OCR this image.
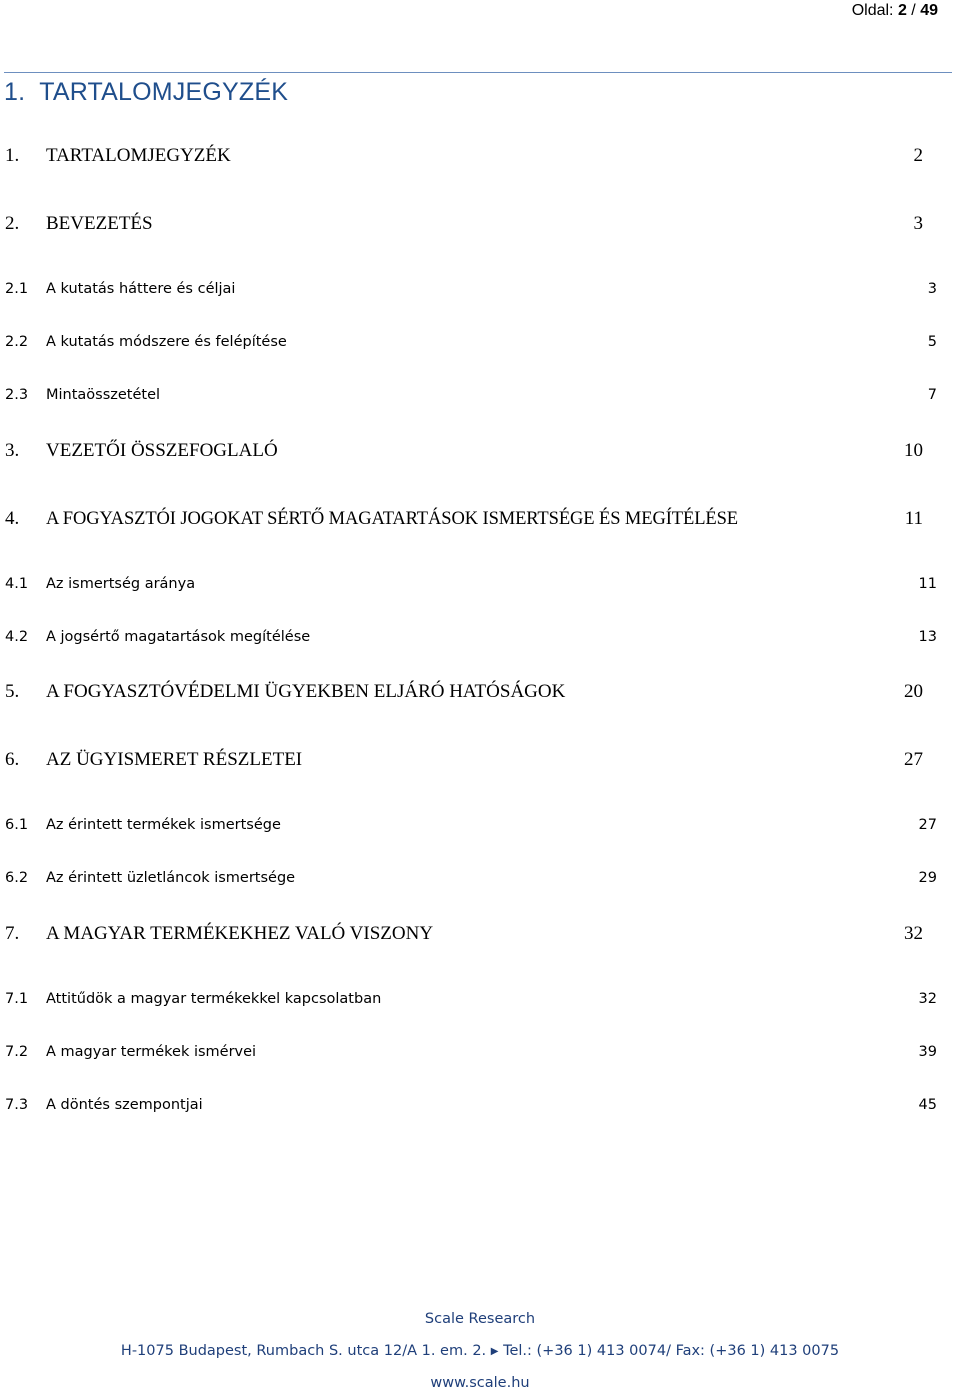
Oldal: 2 / 49
1. TARTALOMJEGYZÉK
1.	TARTALOMJEGYZÉK	2
2.	BEVEZETÉS	3
2.1	A kutatás háttere és céljai	3
2.2	A kutatás módszere és felépítése	5
2.3	Mintaösszetétel	7
3.	VEZETŐI ÖSSZEFOGLALÓ	10
4.	A FOGYASZTÓI JOGOKAT SÉRTŐ MAGATARTÁSOK ISMERTSÉGE ÉS MEGÍTÉLÉSE	11
4.1	Az ismertség aránya	11
4.2	A jogsértő magatartások megítélése	13
5.	A FOGYASZTÓVÉDELMI ÜGYEKBEN ELJÁRÓ HATÓSÁGOK	20
6.	AZ ÜGYISMERET RÉSZLETEI	27
6.1	Az érintett termékek ismertsége	27
6.2	Az érintett üzletláncok ismertsége	29
7.	A MAGYAR TERMÉKEKHEZ VALÓ VISZONY	32
7.1	Attitűdök a magyar termékekkel kapcsolatban	32
7.2	A magyar termékek ismérvei	39
7.3	A döntés szempontjai	45
Scale Research
H-1075 Budapest, Rumbach S. utca 12/A 1. em. 2. ▶ Tel.: (+36 1) 413 0074/ Fax: (+36 1) 413 0075
www.scale.hu
